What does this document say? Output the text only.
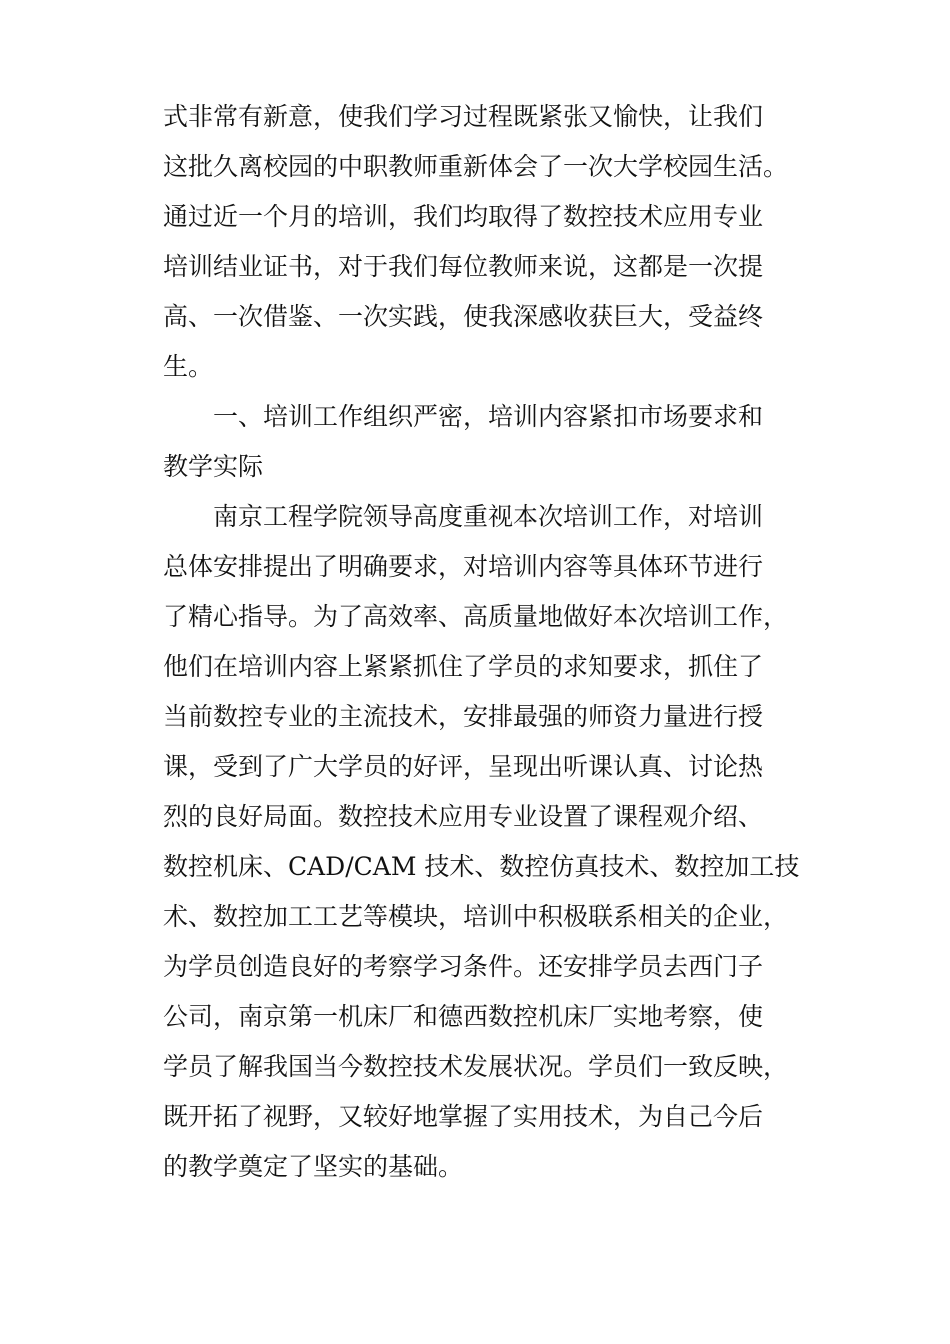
式非常有新意，使我们学习过程既紧张又愉快，让我们

这批久离校园的中职教师重新体会了一次大学校园生活。

通过近一个月的培训，我们均取得了数控技术应用专业

培训结业证书，对于我们每位教师来说，这都是一次提

高、一次借鉴、一次实践，使我深感收获巨大，受益终

生。

一、培训工作组织严密，培训内容紧扣市场要求和

教学实际

南京工程学院领导高度重视本次培训工作，对培训

总体安排提出了明确要求，对培训内容等具体环节进行

了精心指导。为了高效率、高质量地做好本次培训工作，

他们在培训内容上紧紧抓住了学员的求知要求，抓住了

当前数控专业的主流技术，安排最强的师资力量进行授

课，受到了广大学员的好评，呈现出听课认真、讨论热

烈的良好局面。数控技术应用专业设置了课程观介绍、

数控机床、CAD/CAM 技术、数控仿真技术、数控加工技

术、数控加工工艺等模块，培训中积极联系相关的企业，

为学员创造良好的考察学习条件。还安排学员去西门子

公司，南京第一机床厂和德西数控机床厂实地考察，使

学员了解我国当今数控技术发展状况。学员们一致反映，

既开拓了视野，又较好地掌握了实用技术，为自己今后

的教学奠定了坚实的基础。
